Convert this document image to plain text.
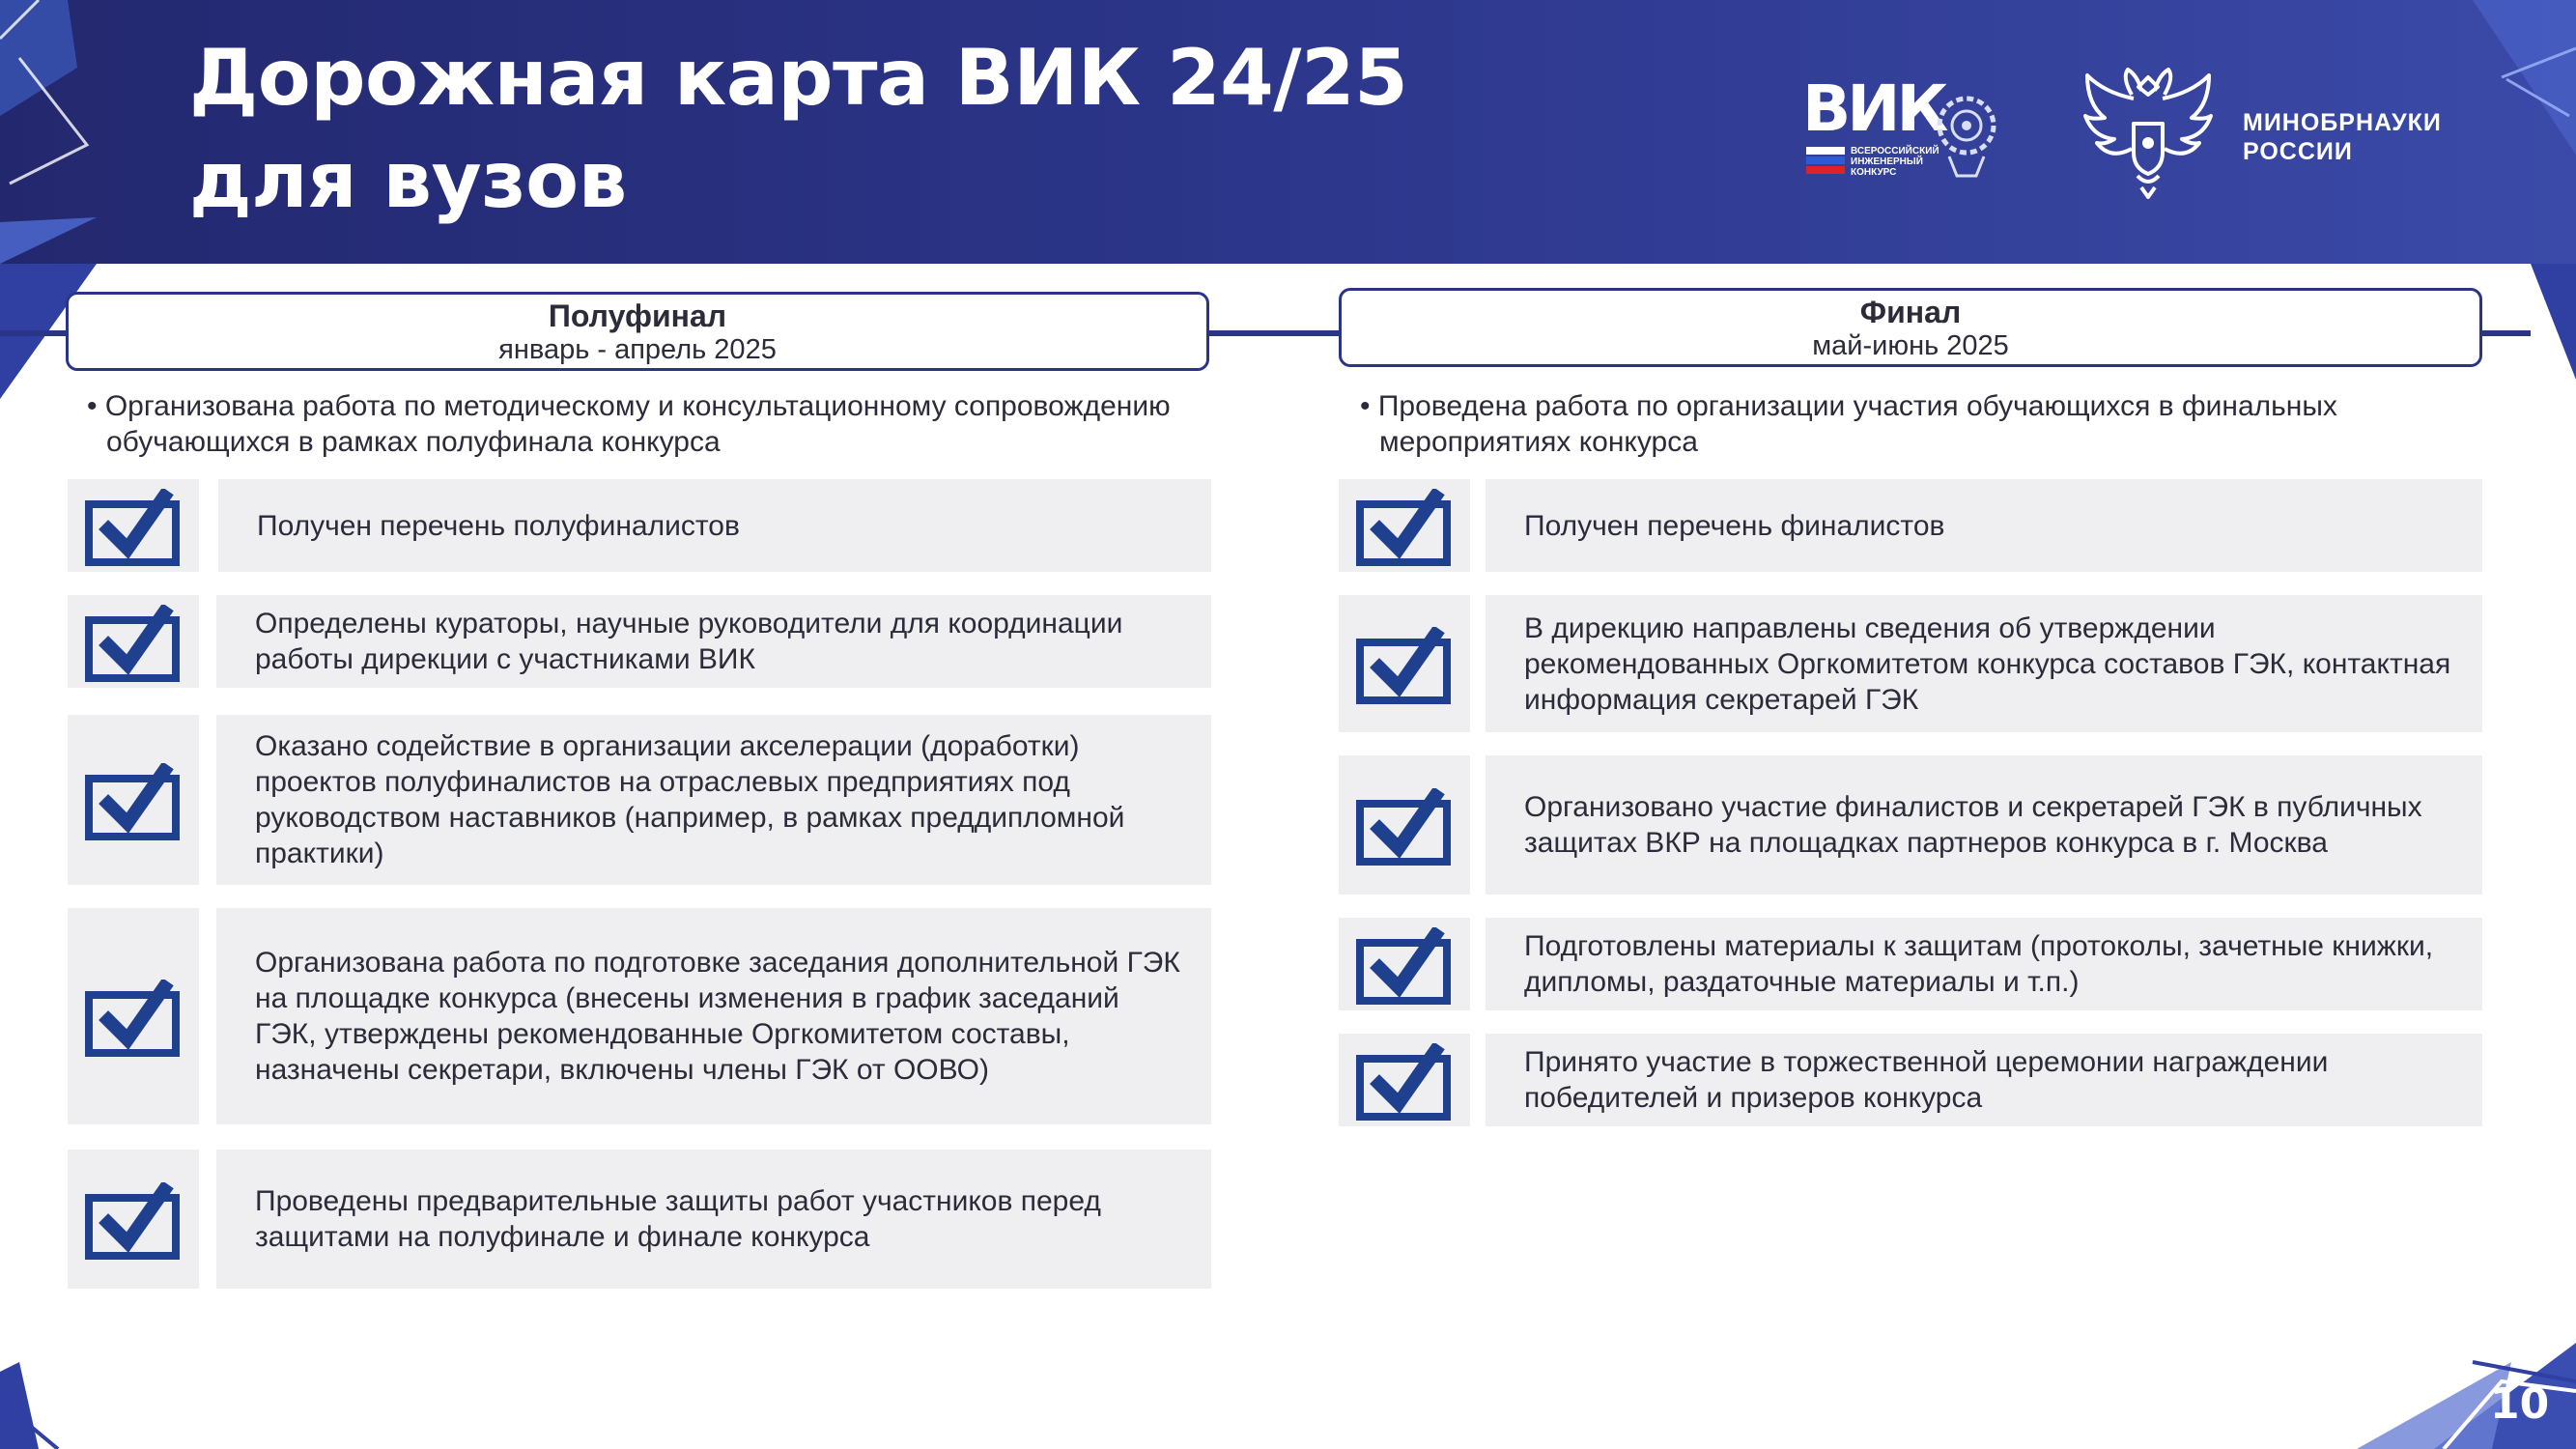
Дорожная карта ВИК 24/25
для вузов
ВИК
ВСЕРОССИЙСКИЙ ИНЖЕНЕРНЫЙ КОНКУРС
МИНОБРНАУКИ
РОССИИ
10
Полуфинал
январь - апрель 2025
Финал
май-июнь 2025
• Организована работа по методическому и консультационному сопровождению обучающихся в рамках полуфинала конкурса
• Проведена работа по организации участия обучающихся в финальных мероприятиях конкурса
Получен перечень полуфиналистов
Определены кураторы, научные руководители для координации работы дирекции с участниками ВИК
Оказано содействие в организации акселерации (доработки) проектов полуфиналистов на отраслевых предприятиях под руководством наставников (например, в рамках преддипломной практики)
Организована работа по подготовке заседания дополнительной ГЭК на площадке конкурса (внесены изменения в график заседаний ГЭК, утверждены рекомендованные Оргкомитетом составы, назначены секретари, включены члены ГЭК от ООВО)
Проведены предварительные защиты работ участников перед защитами на полуфинале и финале конкурса
Получен перечень финалистов
В дирекцию направлены сведения об утверждении рекомендованных Оргкомитетом конкурса составов ГЭК, контактная информация секретарей ГЭК
Организовано участие финалистов и секретарей ГЭК в публичных защитах ВКР на площадках партнеров конкурса в г. Москва
Подготовлены материалы к защитам (протоколы, зачетные книжки, дипломы, раздаточные материалы и т.п.)
Принято участие в торжественной церемонии награждении победителей и призеров конкурса
